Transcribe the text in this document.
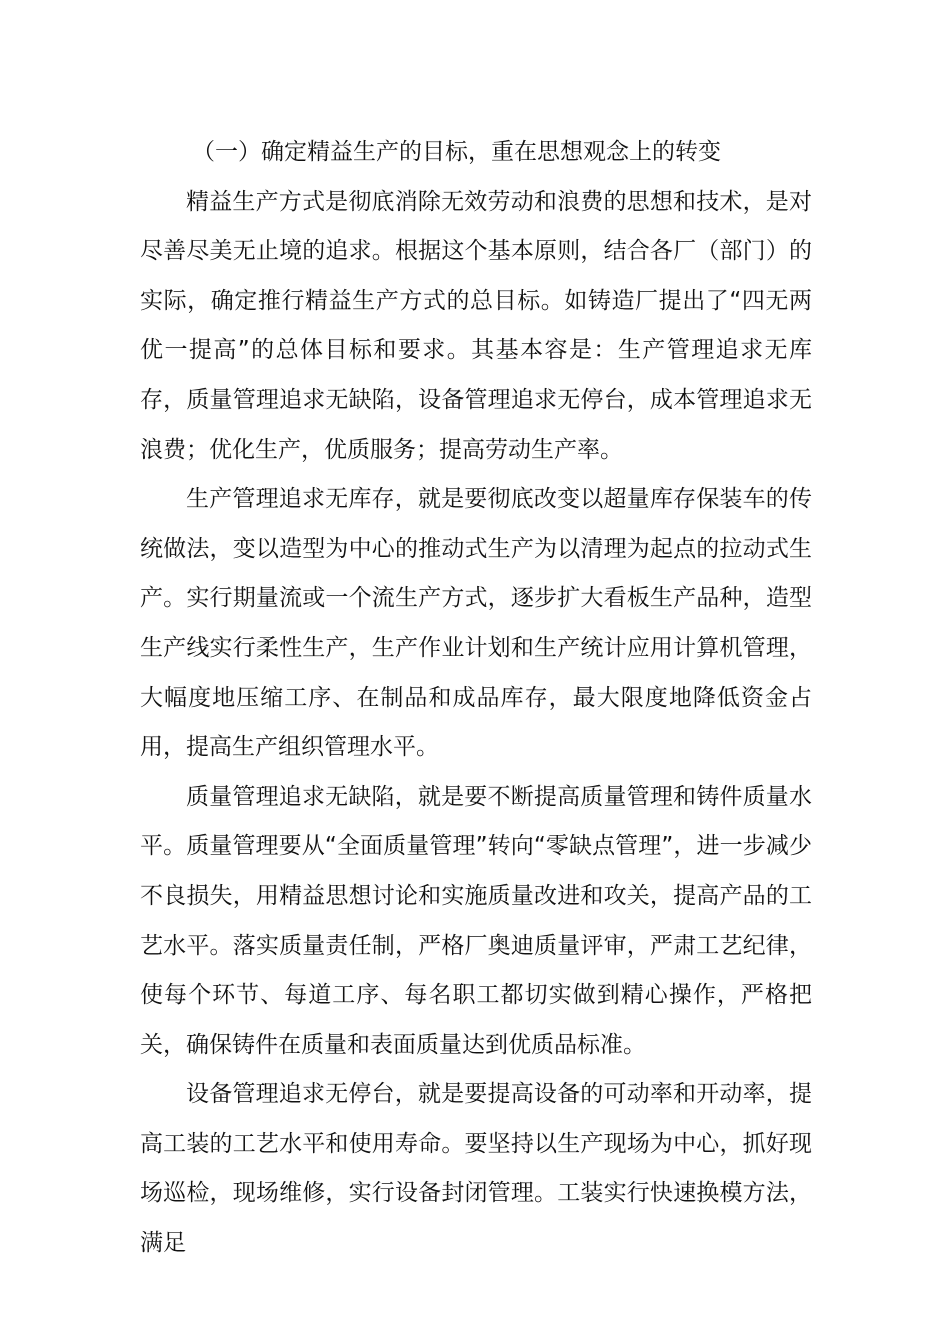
（一）确定精益生产的目标，重在思想观念上的转变

精益生产方式是彻底消除无效劳动和浪费的思想和技术，是对尽善尽美无止境的追求。根据这个基本原则，结合各厂（部门）的实际，确定推行精益生产方式的总目标。如铸造厂提出了“四无两优一提高”的总体目标和要求。其基本容是：生产管理追求无库存，质量管理追求无缺陷，设备管理追求无停台，成本管理追求无浪费；优化生产，优质服务；提高劳动生产率。

生产管理追求无库存，就是要彻底改变以超量库存保装车的传统做法，变以造型为中心的推动式生产为以清理为起点的拉动式生产。实行期量流或一个流生产方式，逐步扩大看板生产品种，造型生产线实行柔性生产，生产作业计划和生产统计应用计算机管理，大幅度地压缩工序、在制品和成品库存，最大限度地降低资金占用，提高生产组织管理水平。

质量管理追求无缺陷，就是要不断提高质量管理和铸件质量水平。质量管理要从“全面质量管理”转向“零缺点管理”，进一步减少不良损失，用精益思想讨论和实施质量改进和攻关，提高产品的工艺水平。落实质量责任制，严格厂奥迪质量评审，严肃工艺纪律，使每个环节、每道工序、每名职工都切实做到精心操作，严格把关，确保铸件在质量和表面质量达到优质品标准。

设备管理追求无停台，就是要提高设备的可动率和开动率，提高工装的工艺水平和使用寿命。要坚持以生产现场为中心，抓好现场巡检，现场维修，实行设备封闭管理。工装实行快速换模方法，满足
